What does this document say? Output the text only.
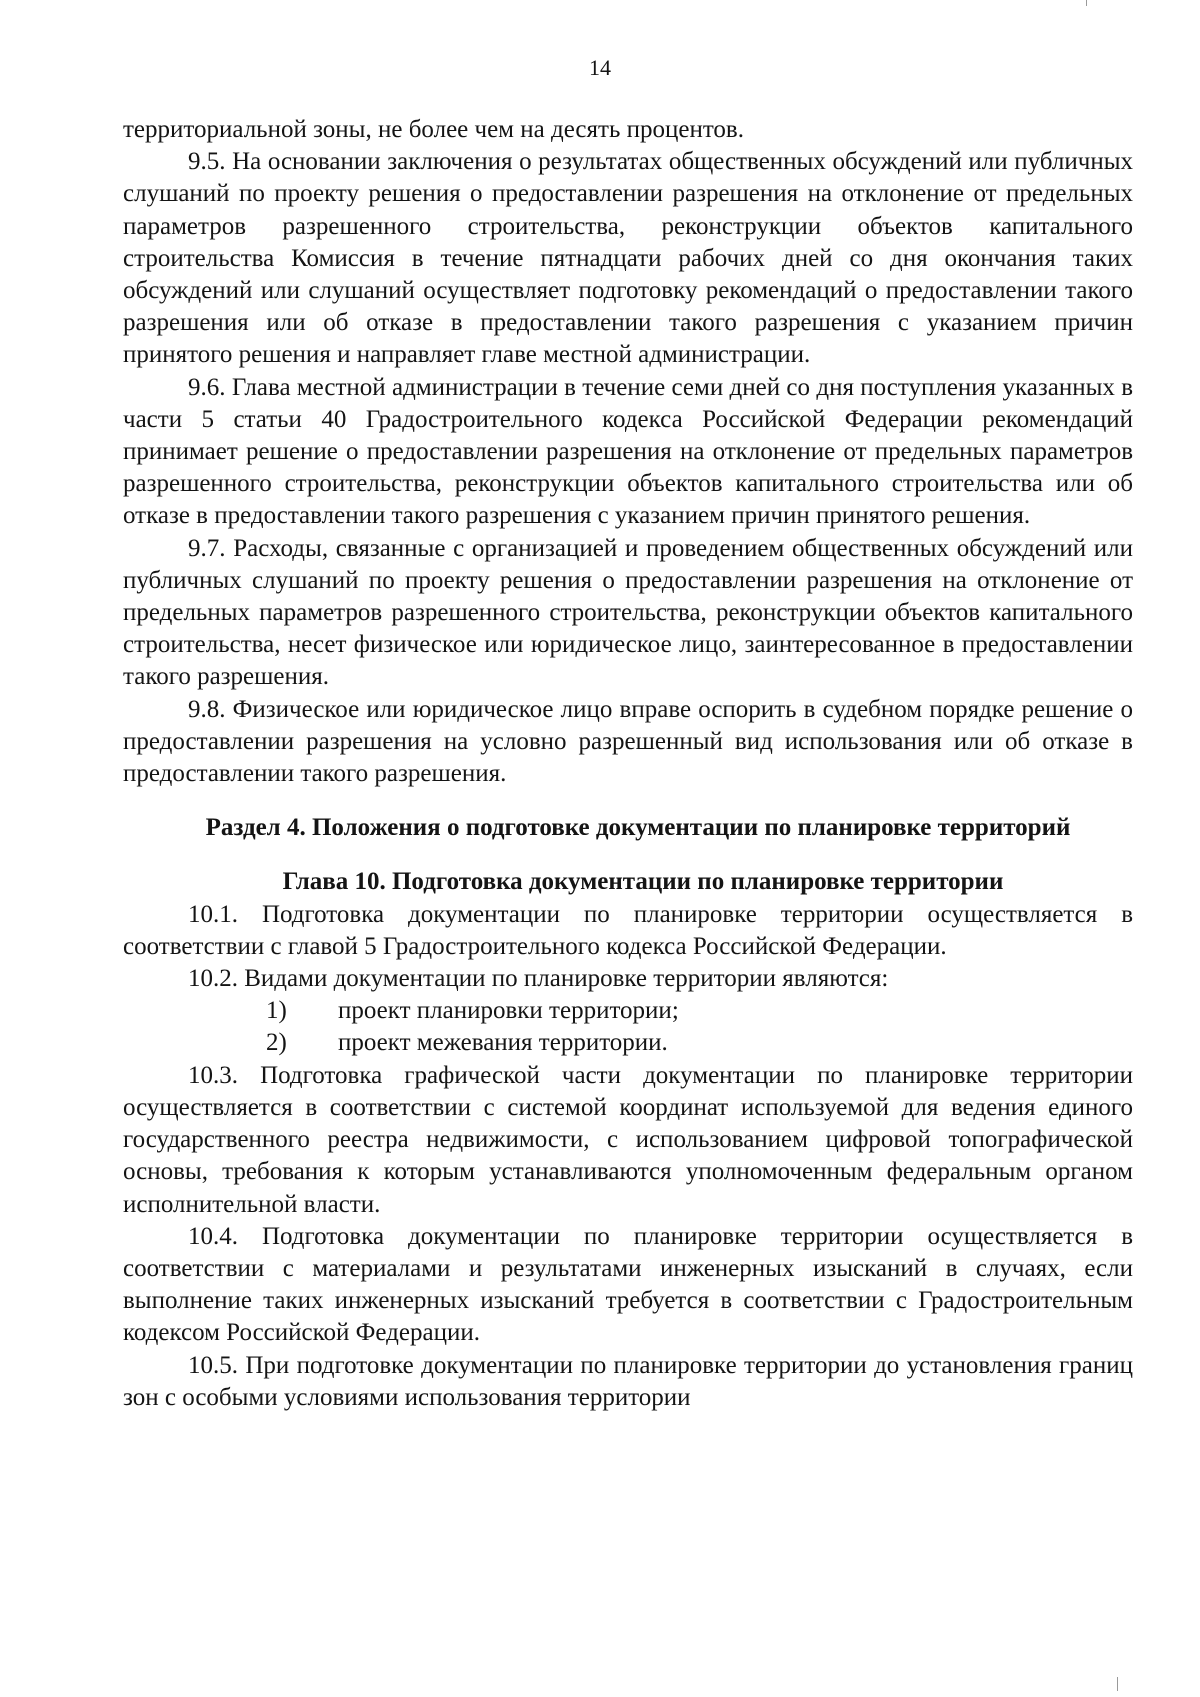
14

территориальной зоны, не более чем на десять процентов.

9.5. На основании заключения о результатах общественных обсуждений или публичных слушаний по проекту решения о предоставлении разрешения на отклонение от предельных параметров разрешенного строительства, реконструкции объектов капитального строительства Комиссия в течение пятнадцати рабочих дней со дня окончания таких обсуждений или слушаний осуществляет подготовку рекомендаций о предоставлении такого разрешения или об отказе в предоставлении такого разрешения с указанием причин принятого решения и направляет главе местной администрации.

9.6. Глава местной администрации в течение семи дней со дня поступления указанных в части 5 статьи 40 Градостроительного кодекса Российской Федерации рекомендаций принимает решение о предоставлении разрешения на отклонение от предельных параметров разрешенного строительства, реконструкции объектов капитального строительства или об отказе в предоставлении такого разрешения с указанием причин принятого решения.

9.7. Расходы, связанные с организацией и проведением общественных обсуждений или публичных слушаний по проекту решения о предоставлении разрешения на отклонение от предельных параметров разрешенного строительства, реконструкции объектов капитального строительства, несет физическое или юридическое лицо, заинтересованное в предоставлении такого разрешения.

9.8. Физическое или юридическое лицо вправе оспорить в судебном порядке решение о предоставлении разрешения на условно разрешенный вид использования или об отказе в предоставлении такого разрешения.

Раздел 4. Положения о подготовке документации по планировке территорий

Глава 10. Подготовка документации по планировке территории

10.1. Подготовка документации по планировке территории осуществляется в соответствии с главой 5 Градостроительного кодекса Российской Федерации.

10.2. Видами документации по планировке территории являются:

1) проект планировки территории;

2) проект межевания территории.

10.3. Подготовка графической части документации по планировке территории осуществляется в соответствии с системой координат используемой для ведения единого государственного реестра недвижимости, с использованием цифровой топографической основы, требования к которым устанавливаются уполномоченным федеральным органом исполнительной власти.

10.4. Подготовка документации по планировке территории осуществляется в соответствии с материалами и результатами инженерных изысканий в случаях, если выполнение таких инженерных изысканий требуется в соответствии с Градостроительным кодексом Российской Федерации.

10.5. При подготовке документации по планировке территории до установления границ зон с особыми условиями использования территории
